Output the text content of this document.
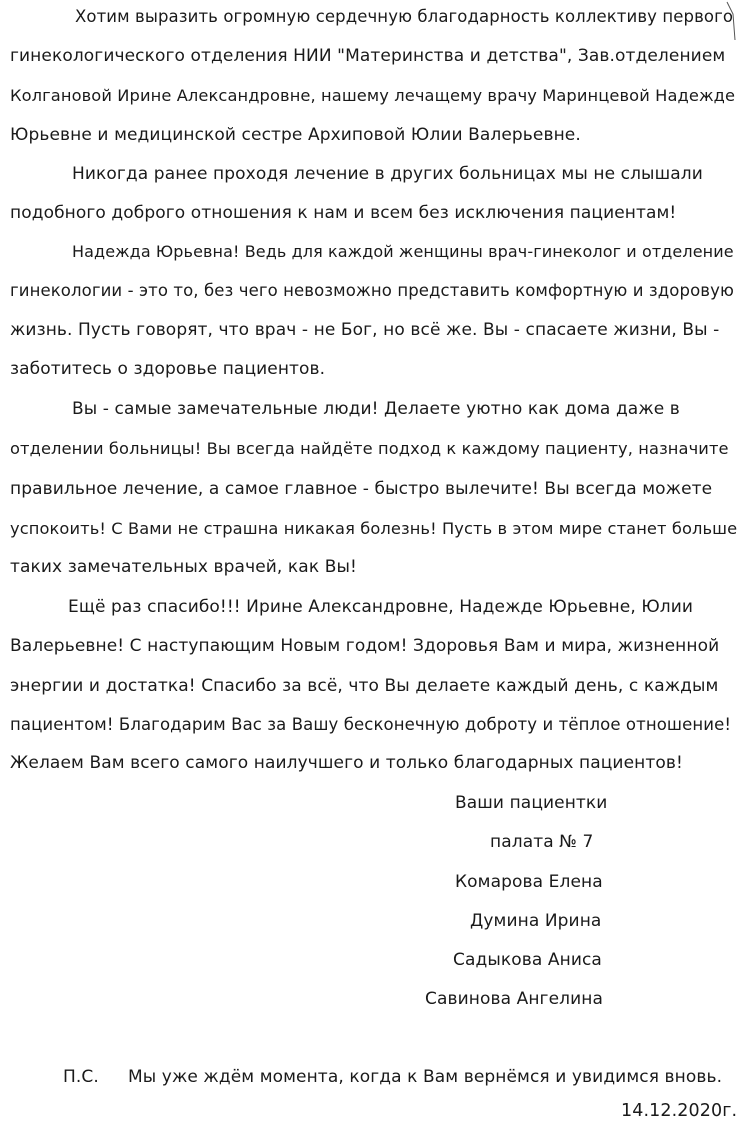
Хотим выразить огромную сердечную благодарность коллективу первого
гинекологического отделения НИИ "Материнства и детства", Зав.отделением
Колгановой Ирине Александровне, нашему лечащему врачу Маринцевой Надежде
Юрьевне и медицинской сестре Архиповой Юлии Валерьевне.
Никогда ранее проходя лечение в других больницах мы не слышали
подобного доброго отношения к нам и всем без исключения пациентам!
Надежда Юрьевна! Ведь для каждой женщины врач-гинеколог и отделение
гинекологии - это то, без чего невозможно представить комфортную и здоровую
жизнь. Пусть говорят, что врач - не Бог, но всё же. Вы - спасаете жизни, Вы -
заботитесь о здоровье пациентов.
Вы - самые замечательные люди! Делаете уютно как дома даже в
отделении больницы! Вы всегда найдёте подход к каждому пациенту, назначите
правильное лечение, а самое главное - быстро вылечите! Вы всегда можете
успокоить! С Вами не страшна никакая болезнь! Пусть в этом мире станет больше
таких замечательных врачей, как Вы!
Ещё раз спасибо!!! Ирине Александровне, Надежде Юрьевне, Юлии
Валерьевне! С наступающим Новым годом! Здоровья Вам и мира, жизненной
энергии и достатка! Спасибо за всё, что Вы делаете каждый день, с каждым
пациентом! Благодарим Вас за Вашу бесконечную доброту и тёплое отношение!
Желаем Вам всего самого наилучшего и только благодарных пациентов!
Ваши пациентки
палата № 7
Комарова Елена
Думина Ирина
Садыкова Аниса
Савинова Ангелина
П.С. Мы уже ждём момента, когда к Вам вернёмся и увидимся вновь.
14.12.2020г.
